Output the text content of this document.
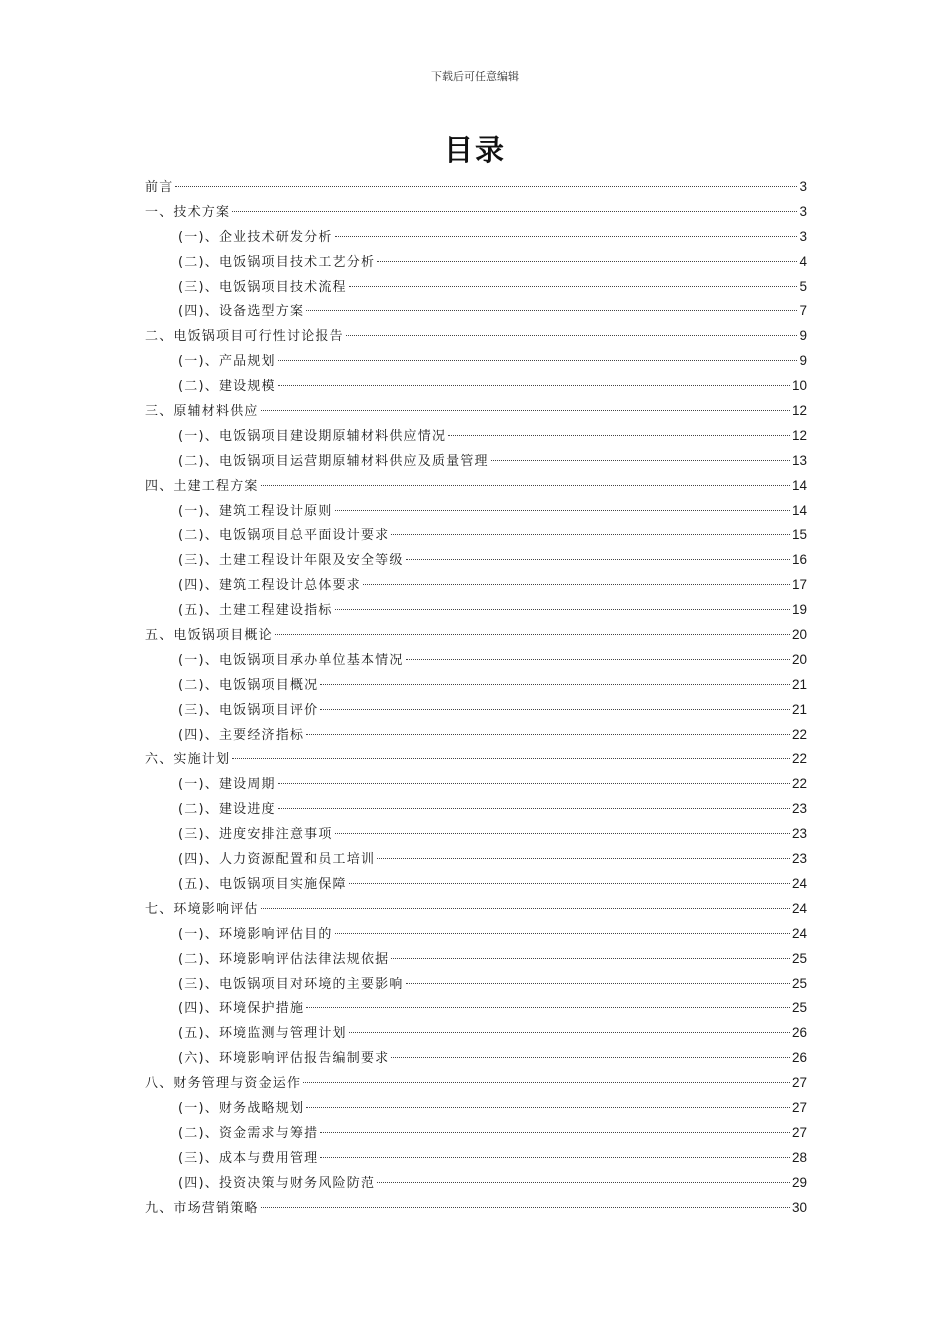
下载后可任意编辑
目录
前言	3
一、技术方案	3
(一)、企业技术研发分析	3
(二)、电饭锅项目技术工艺分析	4
(三)、电饭锅项目技术流程	5
(四)、设备选型方案	7
二、电饭锅项目可行性讨论报告	9
(一)、产品规划	9
(二)、建设规模	10
三、原辅材料供应	12
(一)、电饭锅项目建设期原辅材料供应情况	12
(二)、电饭锅项目运营期原辅材料供应及质量管理	13
四、土建工程方案	14
(一)、建筑工程设计原则	14
(二)、电饭锅项目总平面设计要求	15
(三)、土建工程设计年限及安全等级	16
(四)、建筑工程设计总体要求	17
(五)、土建工程建设指标	19
五、电饭锅项目概论	20
(一)、电饭锅项目承办单位基本情况	20
(二)、电饭锅项目概况	21
(三)、电饭锅项目评价	21
(四)、主要经济指标	22
六、实施计划	22
(一)、建设周期	22
(二)、建设进度	23
(三)、进度安排注意事项	23
(四)、人力资源配置和员工培训	23
(五)、电饭锅项目实施保障	24
七、环境影响评估	24
(一)、环境影响评估目的	24
(二)、环境影响评估法律法规依据	25
(三)、电饭锅项目对环境的主要影响	25
(四)、环境保护措施	25
(五)、环境监测与管理计划	26
(六)、环境影响评估报告编制要求	26
八、财务管理与资金运作	27
(一)、财务战略规划	27
(二)、资金需求与筹措	27
(三)、成本与费用管理	28
(四)、投资决策与财务风险防范	29
九、市场营销策略	30
